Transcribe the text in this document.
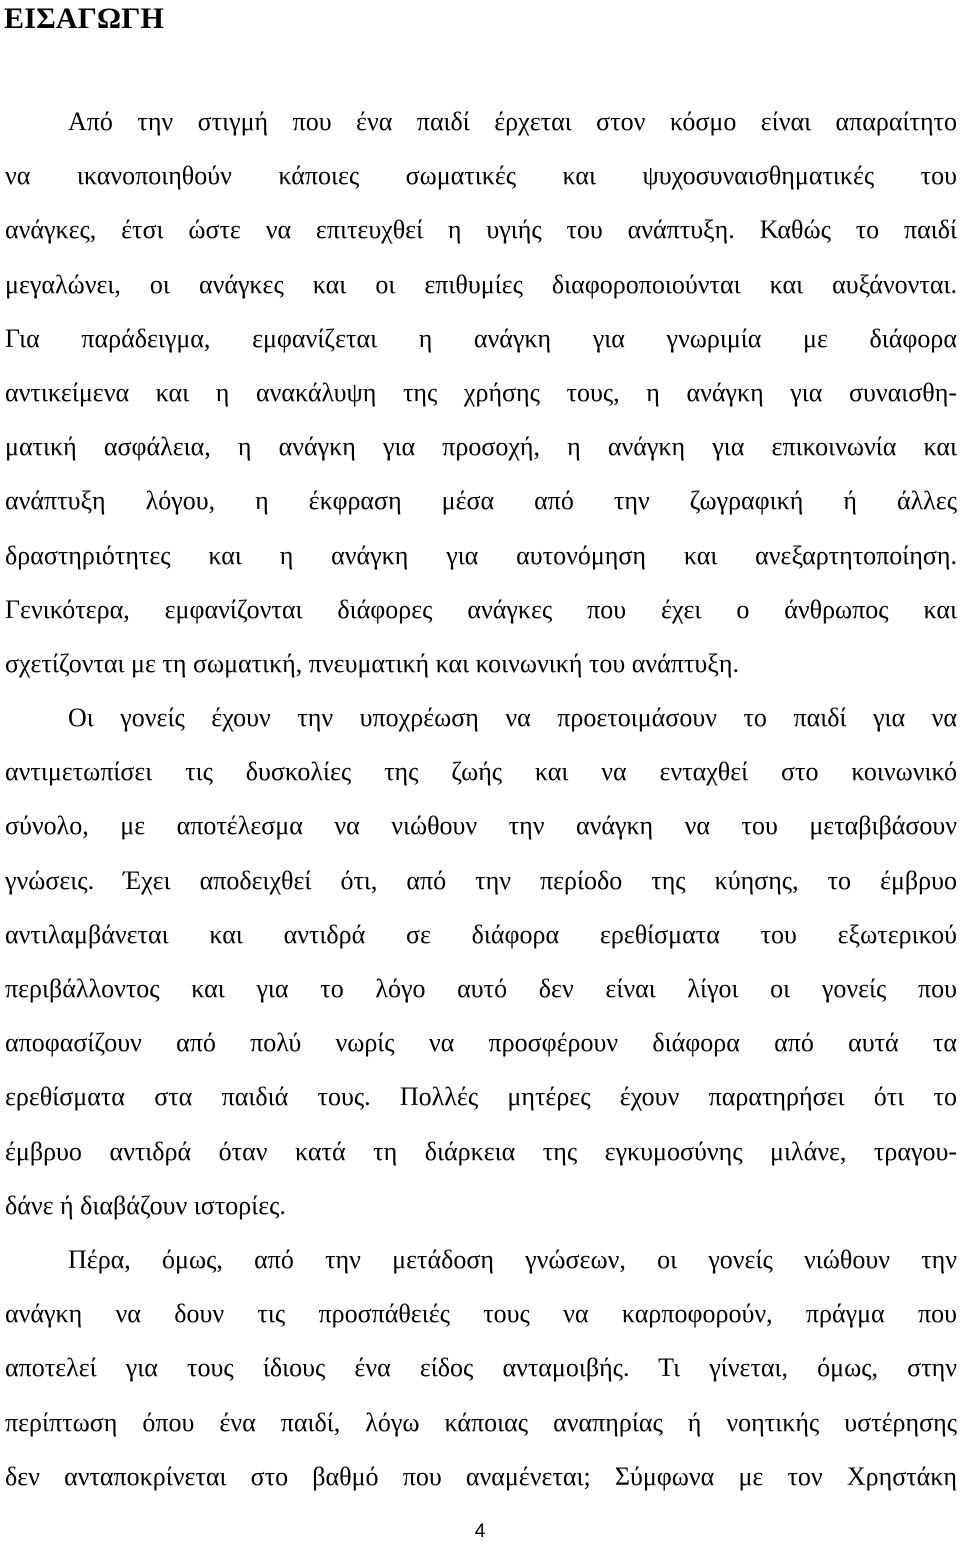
ΕΙΣΑΓΩΓΗ
Από την στιγμή που ένα παιδί έρχεται στον κόσμο είναι απαραίτητο
να ικανοποιηθούν κάποιες σωματικές και ψυχοσυναισθηματικές του
ανάγκες, έτσι ώστε να επιτευχθεί η υγιής του ανάπτυξη. Καθώς το παιδί
μεγαλώνει, οι ανάγκες και οι επιθυμίες διαφοροποιούνται και αυξάνονται.
Για παράδειγμα, εμφανίζεται η ανάγκη για γνωριμία με διάφορα
αντικείμενα και η ανακάλυψη της χρήσης τους, η ανάγκη για συναισθη-
ματική ασφάλεια, η ανάγκη για προσοχή, η ανάγκη για επικοινωνία και
ανάπτυξη λόγου, η έκφραση μέσα από την ζωγραφική ή άλλες
δραστηριότητες και η ανάγκη για αυτονόμηση και ανεξαρτητοποίηση.
Γενικότερα, εμφανίζονται διάφορες ανάγκες που έχει ο άνθρωπος και
σχετίζονται με τη σωματική, πνευματική και κοινωνική του ανάπτυξη.
Οι γονείς έχουν την υποχρέωση να προετοιμάσουν το παιδί για να
αντιμετωπίσει τις δυσκολίες της ζωής και να ενταχθεί στο κοινωνικό
σύνολο, με αποτέλεσμα να νιώθουν την ανάγκη να του μεταβιβάσουν
γνώσεις. Έχει αποδειχθεί ότι, από την περίοδο της κύησης, το έμβρυο
αντιλαμβάνεται και αντιδρά σε διάφορα ερεθίσματα του εξωτερικού
περιβάλλοντος και για το λόγο αυτό δεν είναι λίγοι οι γονείς που
αποφασίζουν από πολύ νωρίς να προσφέρουν διάφορα από αυτά τα
ερεθίσματα στα παιδιά τους. Πολλές μητέρες έχουν παρατηρήσει ότι το
έμβρυο αντιδρά όταν κατά τη διάρκεια της εγκυμοσύνης μιλάνε, τραγου-
δάνε ή διαβάζουν ιστορίες.
Πέρα, όμως, από την μετάδοση γνώσεων, οι γονείς νιώθουν την
ανάγκη να δουν τις προσπάθειές τους να καρποφορούν, πράγμα που
αποτελεί για τους ίδιους ένα είδος ανταμοιβής. Τι γίνεται, όμως, στην
περίπτωση όπου ένα παιδί, λόγω κάποιας αναπηρίας ή νοητικής υστέρησης
δεν ανταποκρίνεται στο βαθμό που αναμένεται; Σύμφωνα με τον Χρηστάκη
4
